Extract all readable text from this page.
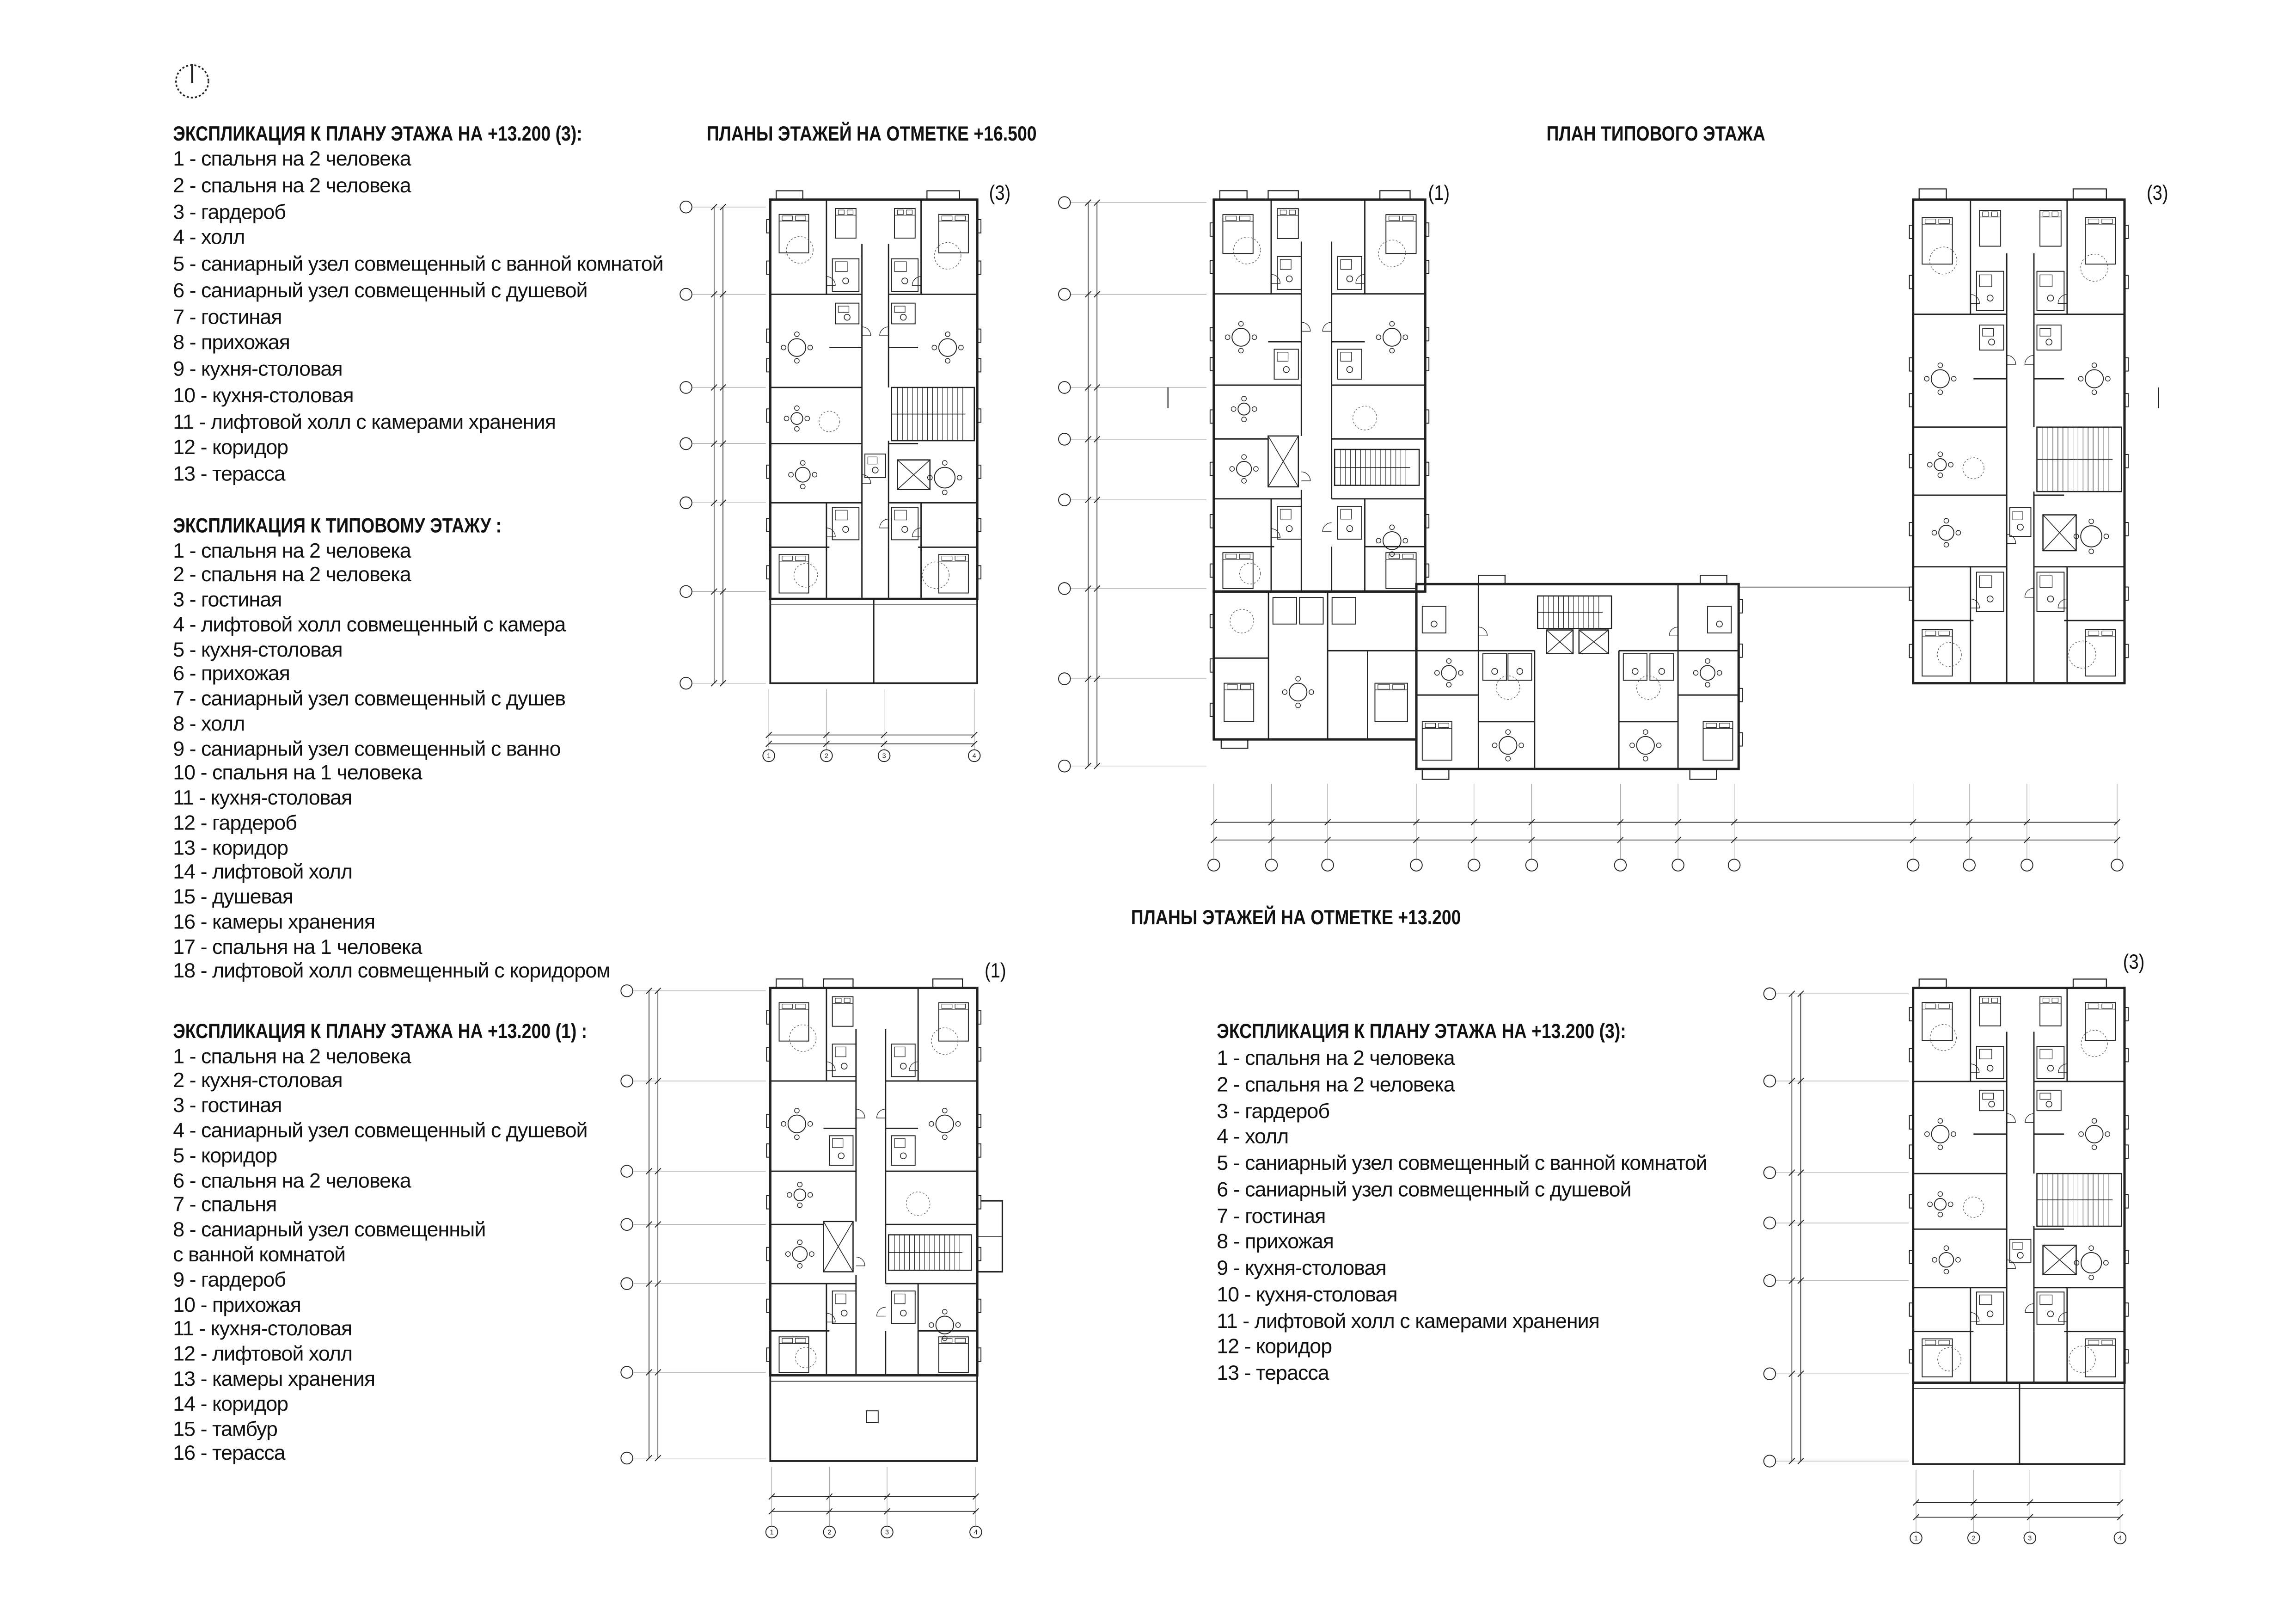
ЭКСПЛИКАЦИЯ К ПЛАНУ ЭТАЖА НА +13.200 (3):
1 - спальня на 2 человека
2 - спальня на 2 человека
3 - гардероб
4 - холл
5 - саниарный узел совмещенный с ванной комнатой
6 - саниарный узел совмещенный с душевой
7 - гостиная
8 - прихожая
9 - кухня-столовая
10 - кухня-столовая
11 - лифтовой холл с камерами хранения
12 - коридор
13 - терасса
ЭКСПЛИКАЦИЯ К ТИПОВОМУ ЭТАЖУ :
1 - спальня на 2 человека
2 - спальня на 2 человека
3 - гостиная
4 - лифтовой холл совмещенный с камера
5 - кухня-столовая
6 - прихожая
7 - саниарный узел совмещенный с душев
8 - холл
9 - саниарный узел совмещенный с ванно
10 - спальня на 1 человека
11 - кухня-столовая
12 - гардероб
13 - коридор
14 - лифтовой холл
15 - душевая
16 - камеры хранения
17 - спальня на 1 человека
18 - лифтовой холл совмещенный с коридором
ЭКСПЛИКАЦИЯ К ПЛАНУ ЭТАЖА НА +13.200 (1) :
1 - спальня на 2 человека
2 - кухня-столовая
3 - гостиная
4 - саниарный узел совмещенный с душевой
5 - коридор
6 - спальня на 2 человека
7 - спальня
8 - саниарный узел совмещенный
с ванной комнатой
9 - гардероб
10 - прихожая
11 - кухня-столовая
12 - лифтовой холл
13 - камеры хранения
14 - коридор
15 - тамбур
16 - терасса
ЭКСПЛИКАЦИЯ К ПЛАНУ ЭТАЖА НА +13.200 (3):
1 - спальня на 2 человека
2 - спальня на 2 человека
3 - гардероб
4 - холл
5 - саниарный узел совмещенный с ванной комнатой
6 - саниарный узел совмещенный с душевой
7 - гостиная
8 - прихожая
9 - кухня-столовая
10 - кухня-столовая
11 - лифтовой холл с камерами хранения
12 - коридор
13 - терасса
ПЛАНЫ ЭТАЖЕЙ НА ОТМЕТКЕ +16.500	ПЛАН ТИПОВОГО ЭТАЖА
ПЛАНЫ ЭТАЖЕЙ НА ОТМЕТКЕ +13.200
(3)	(1)	(3)
(1)	(3)
1	2	3	4
1	2	3	4
1	2	3	4
